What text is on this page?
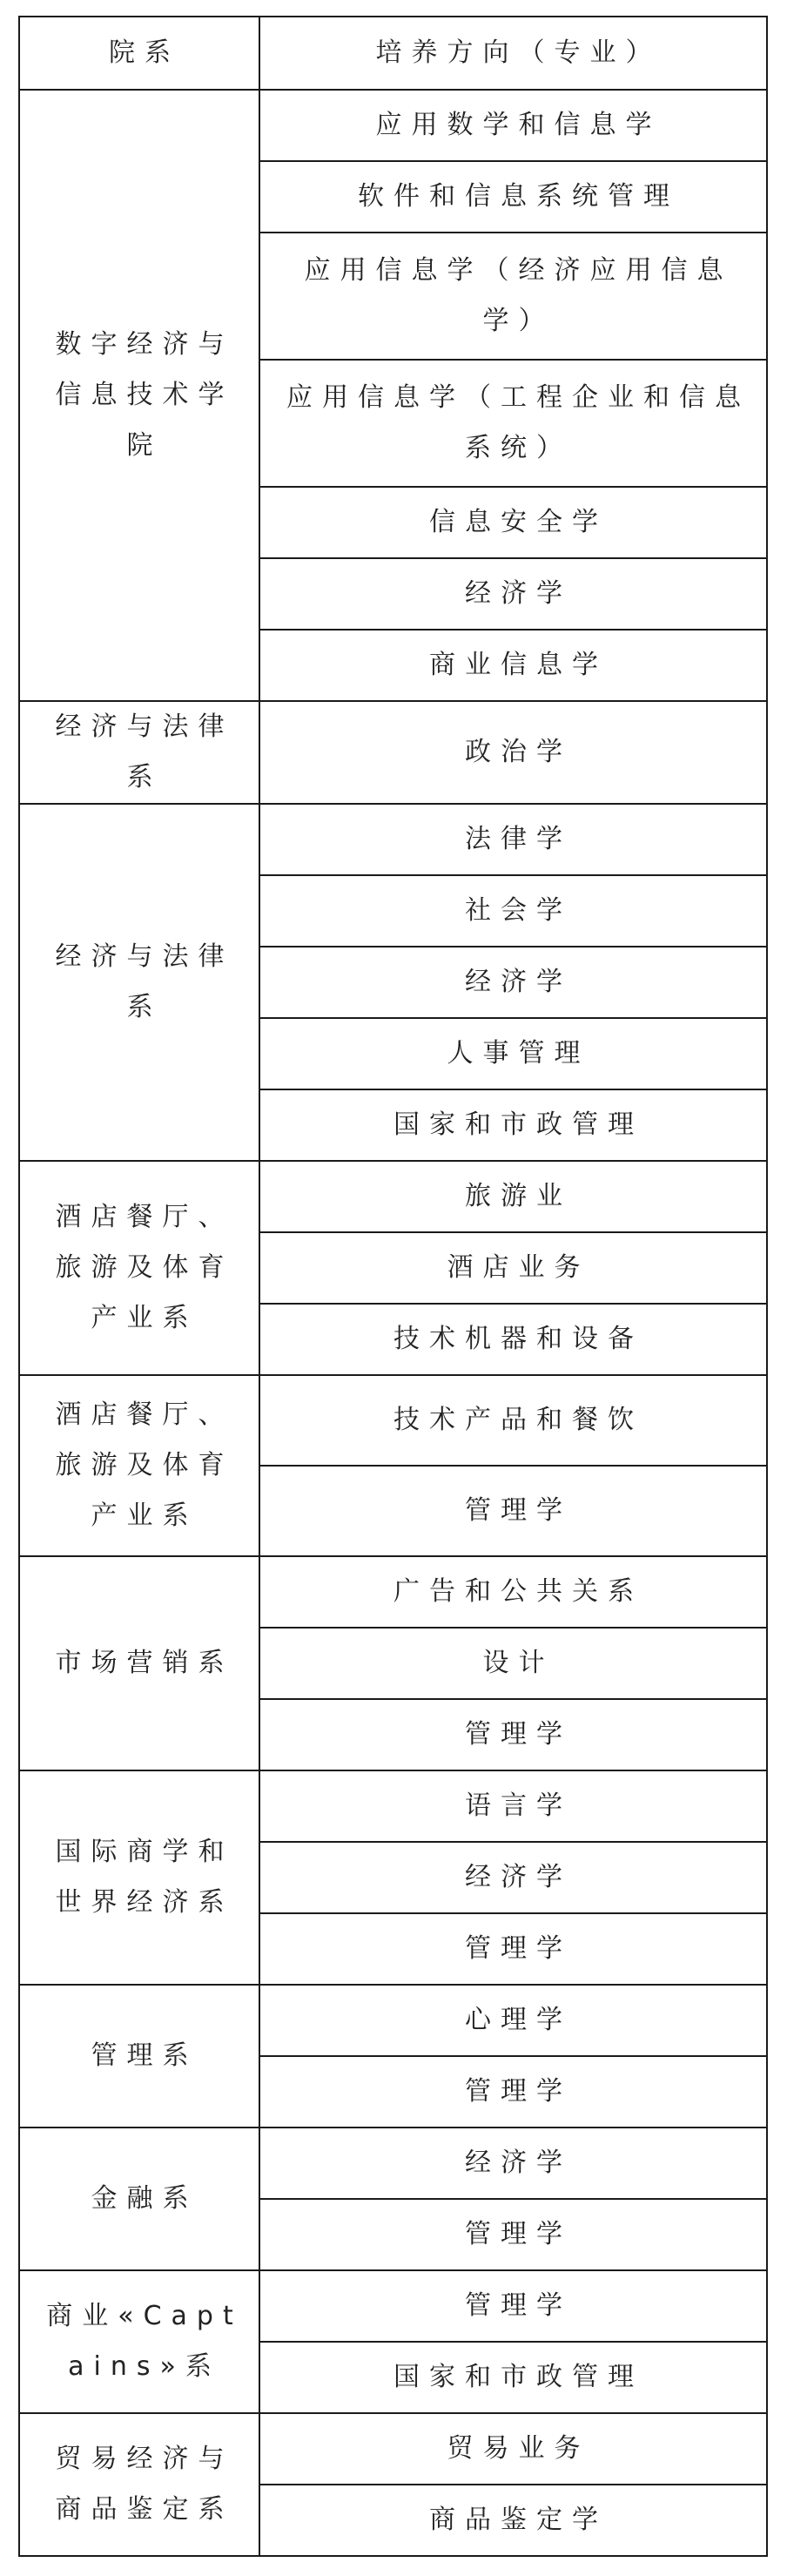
院系	培养方向（专业）
数字经济与信息技术学院	应用数学和信息学
	软件和信息系统管理
	应用信息学（经济应用信息学）
	应用信息学（工程企业和信息系统）
	信息安全学
	经济学
	商业信息学
经济与法律系	政治学
经济与法律系	法律学
	社会学
	经济学
	人事管理
	国家和市政管理
酒店餐厅、旅游及体育产业系	旅游业
	酒店业务
	技术机器和设备
酒店餐厅、旅游及体育产业系	技术产品和餐饮
	管理学
市场营销系	广告和公共关系
	设计
	管理学
国际商学和世界经济系	语言学
	经济学
	管理学
管理系	心理学
	管理学
金融系	经济学
	管理学
商业«Captains»系	管理学
	国家和市政管理
贸易经济与商品鉴定系	贸易业务
	商品鉴定学
